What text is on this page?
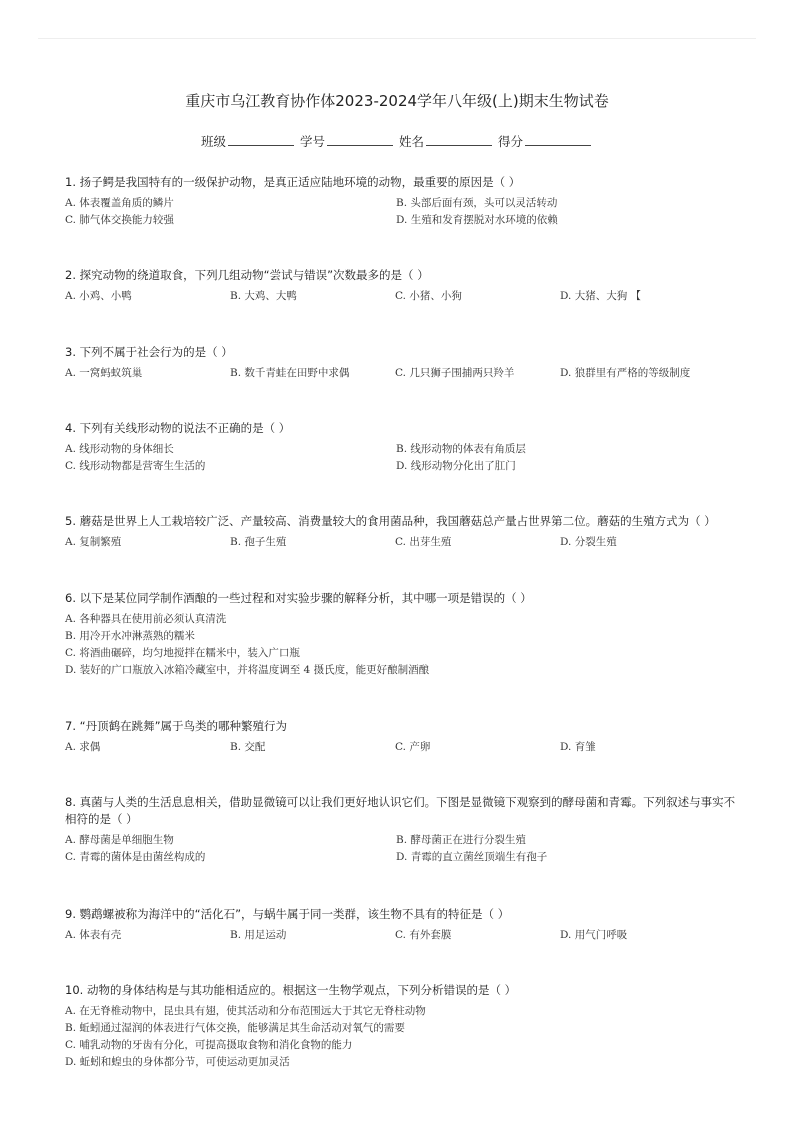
重庆市乌江教育协作体2023-2024学年八年级(上)期末生物试卷
班级	学号	姓名	得分
1. 扬子鳄是我国特有的一级保护动物，是真正适应陆地环境的动物，最重要的原因是（ ）
A. 体表覆盖角质的鳞片	B. 头部后面有颈，头可以灵活转动
C. 肺气体交换能力较强	D. 生殖和发育摆脱对水环境的依赖
2. 探究动物的绕道取食，下列几组动物“尝试与错误”次数最多的是（ ）
A. 小鸡、小鸭	B. 大鸡、大鸭	C. 小猪、小狗	D. 大猪、大狗 【
3. 下列不属于社会行为的是（ ）
A. 一窝蚂蚁筑巢	B. 数千青蛙在田野中求偶	C. 几只狮子围捕两只羚羊	D. 狼群里有严格的等级制度
4. 下列有关线形动物的说法不正确的是（ ）
A. 线形动物的身体细长	B. 线形动物的体表有角质层
C. 线形动物都是营寄生生活的	D. 线形动物分化出了肛门
5. 蘑菇是世界上人工栽培较广泛、产量较高、消费量较大的食用菌品种，我国蘑菇总产量占世界第二位。蘑菇的生殖方式为（ ）
A. 复制繁殖	B. 孢子生殖	C. 出芽生殖	D. 分裂生殖
6. 以下是某位同学制作酒酿的一些过程和对实验步骤的解释分析，其中哪一项是错误的（ ）
A. 各种器具在使用前必须认真清洗
B. 用冷开水冲淋蒸熟的糯米
C. 将酒曲碾碎，均匀地搅拌在糯米中，装入广口瓶
D. 装好的广口瓶放入冰箱冷藏室中，并将温度调至 4 摄氏度，能更好酿制酒酿
7. “丹顶鹤在跳舞”属于鸟类的哪种繁殖行为
A. 求偶	B. 交配	C. 产卵	D. 育雏
8. 真菌与人类的生活息息相关，借助显微镜可以让我们更好地认识它们。下图是显微镜下观察到的酵母菌和青霉。下列叙述与事实不相符的是（ ）
A. 酵母菌是单细胞生物	B. 酵母菌正在进行分裂生殖
C. 青霉的菌体是由菌丝构成的	D. 青霉的直立菌丝顶端生有孢子
9. 鹦鹉螺被称为海洋中的“活化石”，与蜗牛属于同一类群，该生物不具有的特征是（ ）
A. 体表有壳	B. 用足运动	C. 有外套膜	D. 用气门呼吸
10. 动物的身体结构是与其功能相适应的。根据这一生物学观点，下列分析错误的是（ ）
A. 在无脊椎动物中，昆虫具有翅，使其活动和分布范围远大于其它无脊柱动物
B. 蚯蚓通过湿润的体表进行气体交换，能够满足其生命活动对氧气的需要
C. 哺乳动物的牙齿有分化，可提高摄取食物和消化食物的能力
D. 蚯蚓和蝗虫的身体都分节，可使运动更加灵活
